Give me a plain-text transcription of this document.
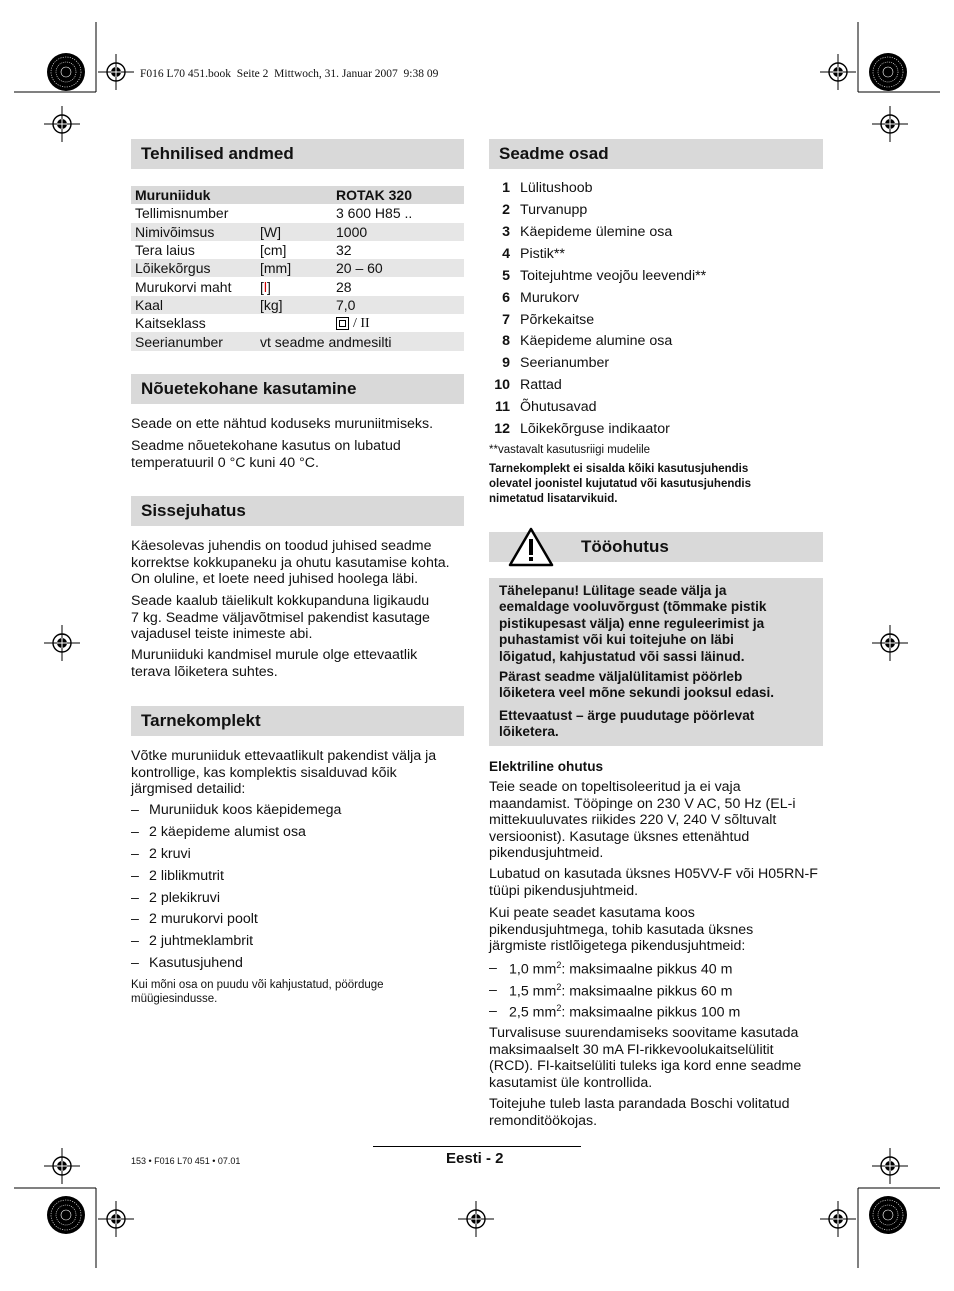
F016 L70 451.book  Seite 2  Mittwoch, 31. Januar 2007  9:38 09
Tehnilised andmed
Muruniiduk		ROTAK 320
Tellimisnumber		3 600 H85 ..
Nimivõimsus	[W]	1000
Tera laius	[cm]	32
Lõikekõrgus	[mm]	20 – 60
Murukorvi maht	[l]	28
Kaal	[kg]	7,0
Kaitseklass		/ II
Seerianumber	vt seadme andmesilti	
Nõuetekohane kasutamine
Seade on ette nähtud koduseks muruniitmiseks.
Seadme nõuetekohane kasutus on lubatud
temperatuuril 0 °C kuni 40 °C.
Sissejuhatus
Käesolevas juhendis on toodud juhised seadme
korrektse kokkupaneku ja ohutu kasutamise kohta.
On oluline, et loete need juhised hoolega läbi.
Seade kaalub täielikult kokkupanduna ligikaudu
7 kg. Seadme väljavõtmisel pakendist kasutage
vajadusel teiste inimeste abi.
Muruniiduki kandmisel murule olge ettevaatlik
terava lõiketera suhtes.
Tarnekomplekt
Võtke muruniiduk ettevaatlikult pakendist välja ja
kontrollige, kas komplektis sisalduvad kõik
järgmised detailid:
– Muruniiduk koos käepidemega
– 2 käepideme alumist osa
– 2 kruvi
– 2 liblikmutrit
– 2 plekikruvi
– 2 murukorvi poolt
– 2 juhtmeklambrit
– Kasutusjuhend
Kui mõni osa on puudu või kahjustatud, pöörduge
müügiesindusse.
Seadme osad
1 Lülitushoob
2 Turvanupp
3 Käepideme ülemine osa
4 Pistik**
5 Toitejuhtme veojõu leevendi**
6 Murukorv
7 Põrkekaitse
8 Käepideme alumine osa
9 Seerianumber
10 Rattad
11 Õhutusavad
12 Lõikekõrguse indikaator
**vastavalt kasutusriigi mudelile
Tarnekomplekt ei sisalda kõiki kasutusjuhendis
olevatel joonistel kujutatud või kasutusjuhendis
nimetatud lisatarvikuid.
Tööohutus
Tähelepanu! Lülitage seade välja ja
eemaldage vooluvõrgust (tõmmake pistik
pistikupesast välja) enne reguleerimist ja
puhastamist või kui toitejuhe on läbi
lõigatud, kahjustatud või sassi läinud.
Pärast seadme väljalülitamist pöörleb
lõiketera veel mõne sekundi jooksul edasi.
Ettevaatust – ärge puudutage pöörlevat
lõiketera.
Elektriline ohutus
Teie seade on topeltisoleeritud ja ei vaja
maandamist. Tööpinge on 230 V AC, 50 Hz (EL-i
mittekuuluvates riikides 220 V, 240 V sõltuvalt
versioonist). Kasutage üksnes ettenähtud
pikendusjuhtmeid.
Lubatud on kasutada üksnes H05VV-F või H05RN-F
tüüpi pikendusjuhtmeid.
Kui peate seadet kasutama koos
pikendusjuhtmega, tohib kasutada üksnes
järgmiste ristlõigetega pikendusjuhtmeid:
– 1,0 $mm^2$: maksimaalne pikkus 40 m
– 1,5 $mm^2$: maksimaalne pikkus 60 m
– 2,5 $mm^2$: maksimaalne pikkus 100 m
Turvalisuse suurendamiseks soovitame kasutada
maksimaalselt 30 mA FI-rikkevoolukaitselülitit
(RCD). FI-kaitselüliti tuleks iga kord enne seadme
kasutamist üle kontrollida.
Toitejuhe tuleb lasta parandada Boschi volitatud
remonditöökojas.
153 • F016 L70 451 • 07.01	Eesti - 2
